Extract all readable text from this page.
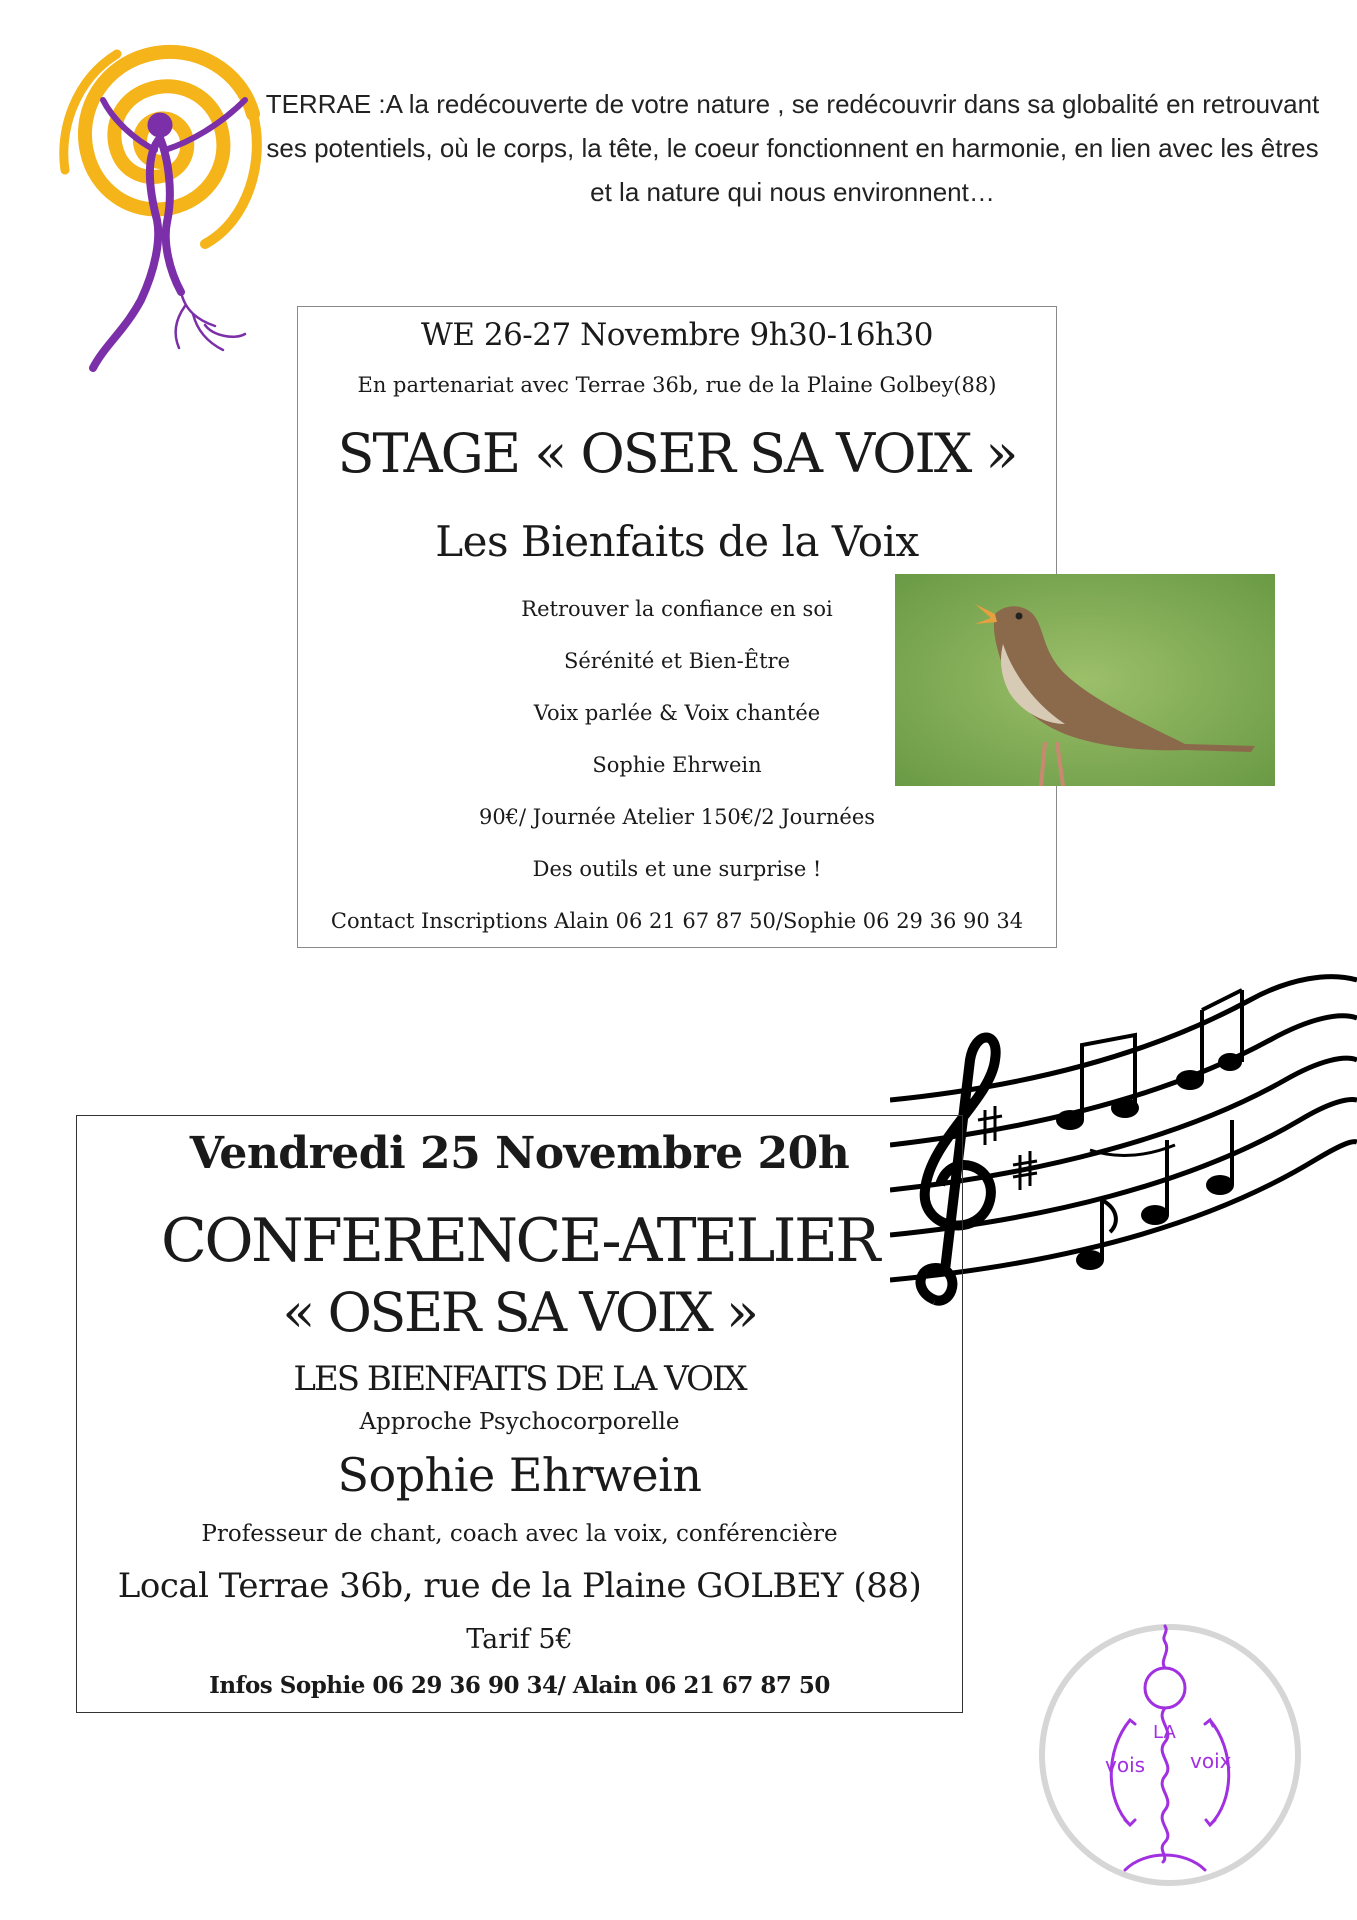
TERRAE :A la redécouverte de votre nature , se redécouvrir dans sa globalité en retrouvant ses potentiels, où le corps, la tête, le coeur fonctionnent en harmonie, en lien avec les êtres et la nature qui nous environnent…
WE 26-27 Novembre 9h30-16h30
En partenariat avec Terrae 36b, rue de la Plaine Golbey(88)
STAGE « OSER SA VOIX »
Les Bienfaits de la Voix
Retrouver la confiance en soi
Sérénité et Bien-Être
Voix parlée & Voix chantée
Sophie Ehrwein
90€/ Journée Atelier 150€/2 Journées
Des outils et une surprise !
Contact Inscriptions Alain 06 21 67 87 50/Sophie 06 29 36 90 34
Vendredi 25 Novembre 20h
CONFERENCE-ATELIER
« OSER SA VOIX »
LES BIENFAITS DE LA VOIX
Approche Psychocorporelle
Sophie Ehrwein
Professeur de chant, coach avec la voix, conférencière
Local Terrae 36b, rue de la Plaine GOLBEY (88)
Tarif 5€
Infos Sophie 06 29 36 90 34/ Alain 06 21 67 87 50
vois
LA
voix
